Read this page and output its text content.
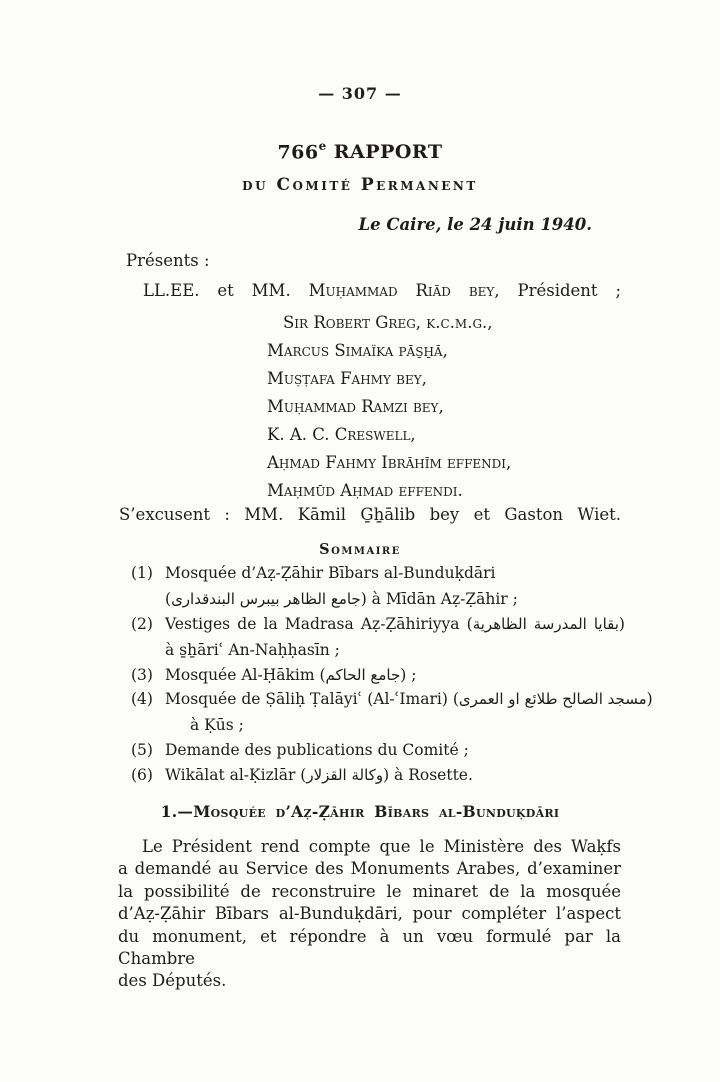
— 307 —
766e RAPPORT
du Comité Permanent
Le Caire, le 24 juin 1940.
Présents :
LL.EE. et MM. Muḥammad Riād bey, Président ;
Sir Robert Greg, k.c.m.g.,
Marcus Simaïka pās̱ẖā,
Muṣṭafa Fahmy bey,
Muḥammad Ramzi bey,
K. A. C. Creswell,
Aḥmad Fahmy Ibrāhīm effendi,
Maḥmūd Aḥmad effendi.
S’excusent : MM. Kāmil G̱ẖālib bey et Gaston Wiet.
Sommaire
(1) Mosquée d’Aẓ-Ẓāhir Bībars al-Bunduḳdāri
(جامع الظاهر بيبرس البندقدارى) à Mīdān Aẓ-Ẓāhir ;
(2) Vestiges de la Madrasa Aẓ-Ẓāhiriyya (بقايا المدرسة الظاهرية)
à s̱ẖāriʿ An-Naḥḥasīn ;
(3) Mosquée Al-Ḥākim (جامع الحاكم) ;
(4) Mosquée de Ṣāliḥ Ṭalāyiʿ (Al-ʿImari) (مسجد الصالح طلائع او العمرى)
à Ḳūs ;
(5) Demande des publications du Comité ;
(6) Wikālat al-Ḳizlār (وكالة القزلار) à Rosette.
1.—Mosquée d’Aẓ-Ẓāhir Bībars al-Bunduḳdāri
Le Président rend compte que le Ministère des Waḳfs
a demandé au Service des Monuments Arabes, d’examiner
la possibilité de reconstruire le minaret de la mosquée
d’Aẓ-Ẓāhir Bībars al-Bunduḳdāri, pour compléter l’aspect
du monument, et répondre à un vœu formulé par la Chambre
des Députés.
